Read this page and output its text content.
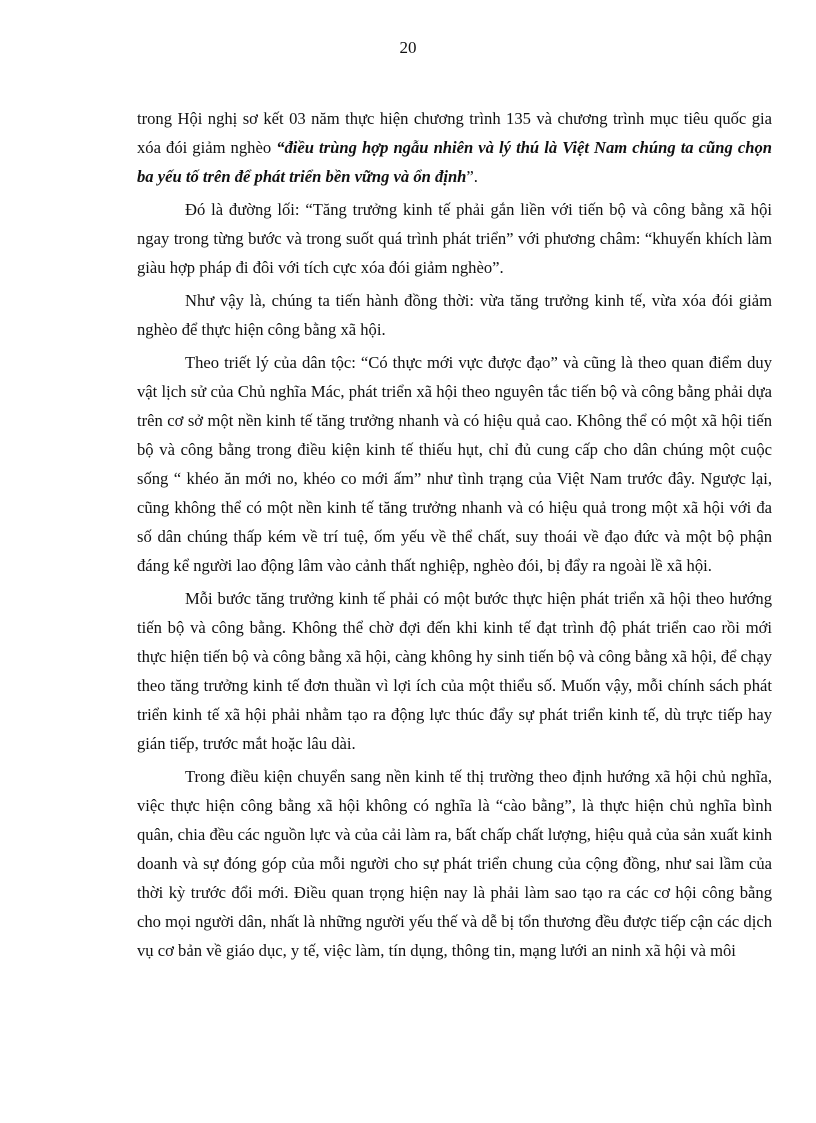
20

trong Hội nghị sơ kết 03 năm thực hiện chương trình 135 và chương trình mục tiêu quốc gia xóa đói giảm nghèo “điều trùng hợp ngẫu nhiên và lý thú là Việt Nam chúng ta cũng chọn ba yếu tố trên để phát triển bền vững và ổn định”.

Đó là đường lối: “Tăng trưởng kinh tế phải gắn liền với tiến bộ và công bằng xã hội ngay trong từng bước và trong suốt quá trình phát triển” với phương châm: “khuyến khích làm giàu hợp pháp đi đôi với tích cực xóa đói giảm nghèo”.

Như vậy là, chúng ta tiến hành đồng thời: vừa tăng trưởng kinh tế, vừa xóa đói giảm nghèo để thực hiện công bằng xã hội.

Theo triết lý của dân tộc: “Có thực mới vực được đạo” và cũng là theo quan điểm duy vật lịch sử của Chủ nghĩa Mác, phát triển xã hội theo nguyên tắc tiến bộ và công bằng phải dựa trên cơ sở một nền kinh tế tăng trưởng nhanh và có hiệu quả cao. Không thể có một xã hội tiến bộ và công bằng trong điều kiện kinh tế thiếu hụt, chỉ đủ cung cấp cho dân chúng một cuộc sống “ khéo ăn mới no, khéo co mới ấm” như tình trạng của Việt Nam trước đây. Ngược lại, cũng không thể có một nền kinh tế tăng trưởng nhanh và có hiệu quả trong một xã hội với đa số dân chúng thấp kém về trí tuệ, ốm yếu về thể chất, suy thoái về đạo đức và một bộ phận đáng kể người lao động lâm vào cảnh thất nghiệp, nghèo đói, bị đẩy ra ngoài lề xã hội.

Mỗi bước tăng trưởng kinh tế phải có một bước thực hiện phát triển xã hội theo hướng tiến bộ và công bằng. Không thể chờ đợi đến khi kinh tế đạt trình độ phát triển cao rồi mới thực hiện tiến bộ và công bằng xã hội, càng không hy sinh tiến bộ và công bằng xã hội, để chạy theo tăng trưởng kinh tế đơn thuần vì lợi ích của một thiểu số. Muốn vậy, mỗi chính sách phát triển kinh tế xã hội phải nhằm tạo ra động lực thúc đẩy sự phát triển kinh tế, dù trực tiếp hay gián tiếp, trước mắt hoặc lâu dài.

Trong điều kiện chuyển sang nền kinh tế thị trường theo định hướng xã hội chủ nghĩa, việc thực hiện công bằng xã hội không có nghĩa là “cào bằng”, là thực hiện chủ nghĩa bình quân, chia đều các nguồn lực và của cải làm ra, bất chấp chất lượng, hiệu quả của sản xuất kinh doanh và sự đóng góp của mỗi người cho sự phát triển chung của cộng đồng, như sai lầm của thời kỳ trước đổi mới. Điều quan trọng hiện nay là phải làm sao tạo ra các cơ hội công bằng cho mọi người dân, nhất là những người yếu thế và dễ bị tổn thương đều được tiếp cận các dịch vụ cơ bản về giáo dục, y tế, việc làm, tín dụng, thông tin, mạng lưới an ninh xã hội và môi
